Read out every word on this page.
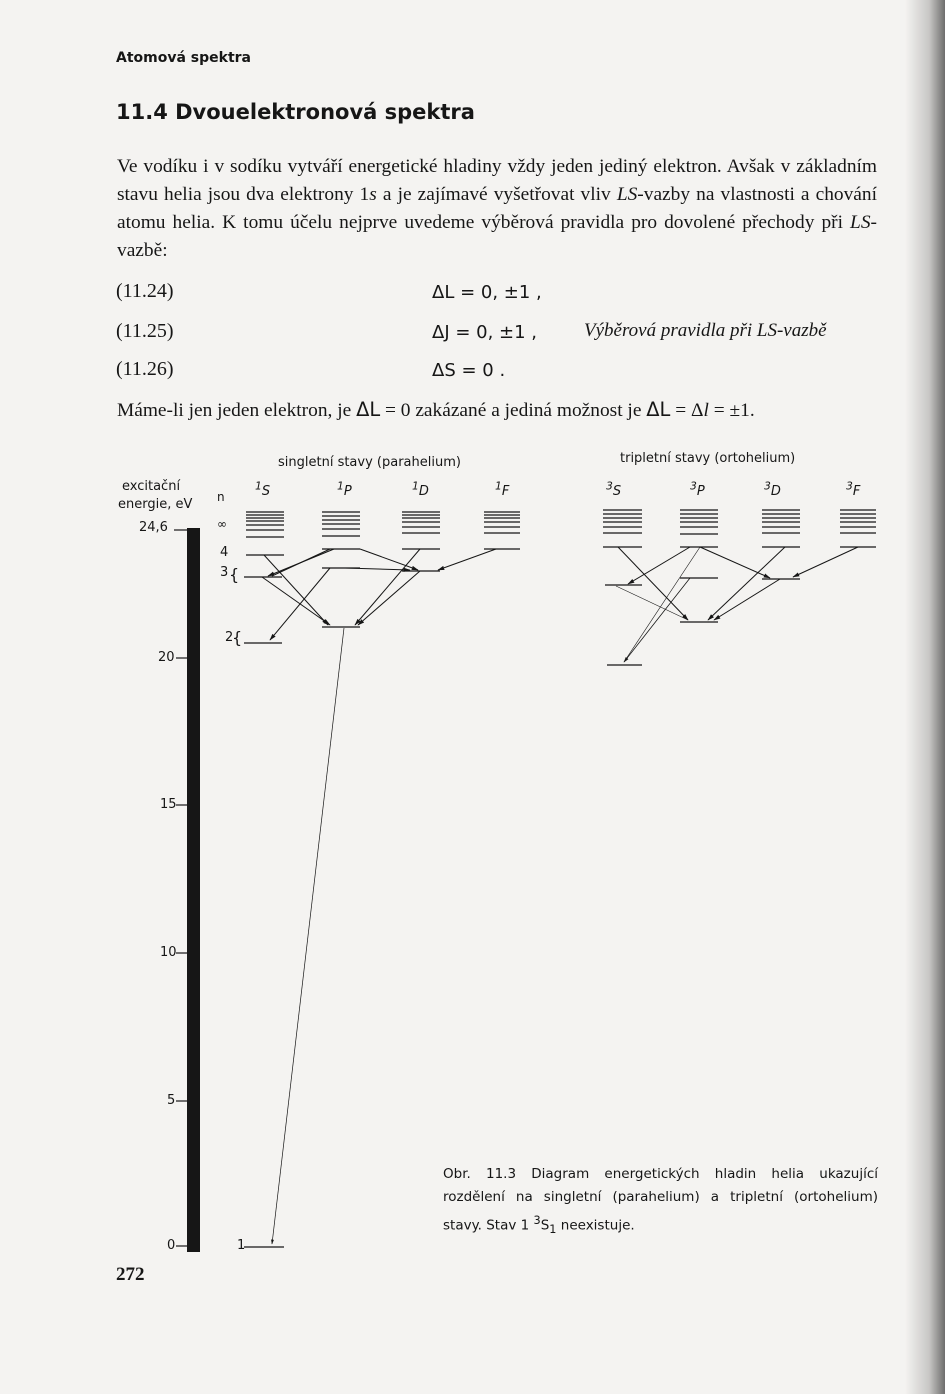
Atomová spektra
11.4 Dvouelektronová spektra
Ve vodíku i v sodíku vytváří energetické hladiny vždy jeden jediný elektron. Avšak v základním stavu helia jsou dva elektrony 1s a je zajímavé vyšetřovat vliv LS-vazby na vlastnosti a chování atomu helia. K tomu účelu nejprve uvedeme výběrová pravidla pro dovolené přechody při LS-vazbě:
(11.24)	ΔL = 0, ±1 ,
(11.25)	ΔJ = 0, ±1 , Výběrová pravidla při LS-vazbě
(11.26)	ΔS = 0 .
Máme-li jen jeden elektron, je ΔL = 0 zakázané a jediná možnost je ΔL = Δl = ±1.
singletní stavy (parahelium)	tripletní stavy (ortohelium)
excitační
energie, eV n
∞
4
3
2
1
24,6
20
15
10
5
0
$^1$S	$^1$P	$^1$D	$^1$F	$^3$S	$^3$P	$^3$D	$^3$F
{
{
Obr. 11.3 Diagram energetických hladin helia ukazující rozdělení na singletní (parahelium) a tripletní (ortohelium) stavy. Stav 1 $^3S_1$ neexistuje.
272
